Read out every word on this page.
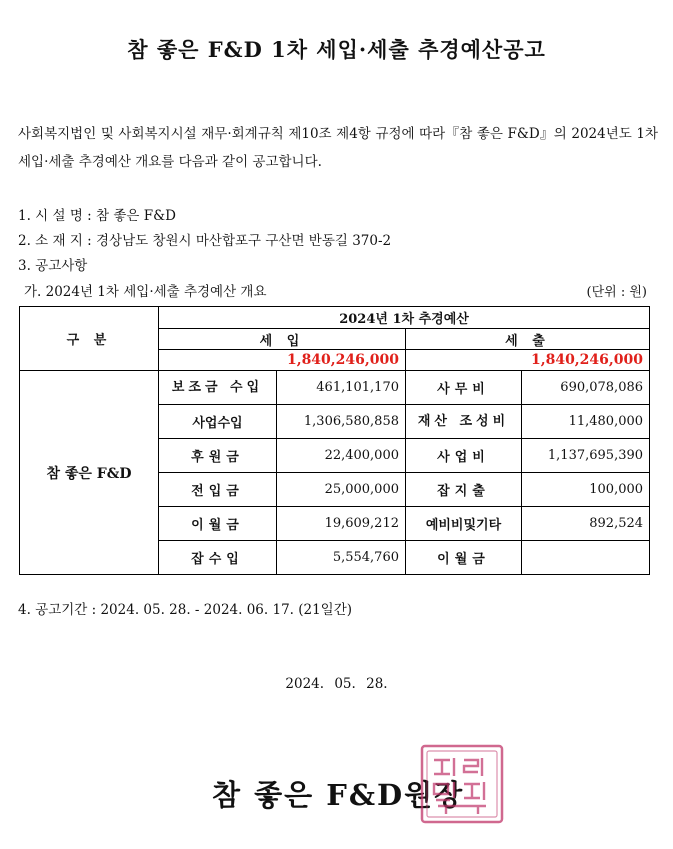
참 좋은 F&D 1차 세입·세출 추경예산공고
사회복지법인 및 사회복지시설 재무·회계규칙 제10조 제4항 규정에 따라『참 좋은 F&D』의 2024년도 1차 세입·세출 추경예산 개요를 다음과 같이 공고합니다.
1. 시 설 명 : 참 좋은 F&D
2. 소 재 지 : 경상남도 창원시 마산합포구 구산면 반동길 370-2
3. 공고사항
가. 2024년 1차 세입·세출 추경예산 개요	(단위 : 원)
구 분	2024년 1차 추경예산			
	세 입		세 출	
	1,840,246,000		1,840,246,000	
참 좋은 F&D	보조금 수입	461,101,170	사무비	690,078,086
	사업수입	1,306,580,858	재산 조성비	11,480,000
	후원금	22,400,000	사업비	1,137,695,390
	전입금	25,000,000	잡지출	100,000
	이월금	19,609,212	예비비및기타	892,524
	잡수입	5,554,760	이월금	
4. 공고기간 : 2024. 05. 28. - 2024. 06. 17. (21일간)
2024. 05. 28.
참 좋은 F&D원장
